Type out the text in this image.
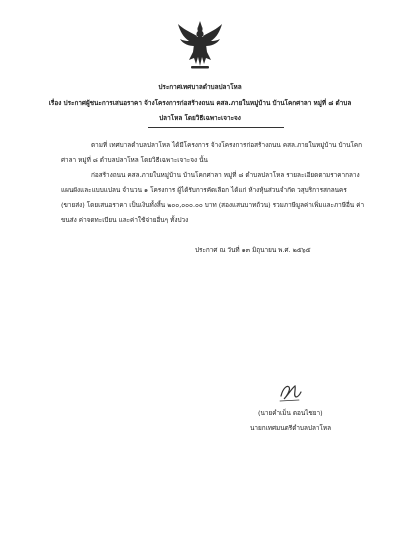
ประกาศเทศบาลตำบลปลาโหล
เรื่อง ประกาศผู้ชนะการเสนอราคา จ้างโครงการก่อสร้างถนน คสล.ภายในหมู่บ้าน บ้านโคกศาลา หมู่ที่ ๘ ตำบล
ปลาโหล โดยวิธีเฉพาะเจาะจง
ตามที่ เทศบาลตำบลปลาโหล ได้มีโครงการ จ้างโครงการก่อสร้างถนน คสล.ภายในหมู่บ้าน บ้านโคก
ศาลา หมู่ที่ ๘ ตำบลปลาโหล โดยวิธีเฉพาะเจาะจง นั้น
ก่อสร้างถนน คสล.ภายในหมู่บ้าน บ้านโคกศาลา หมู่ที่ ๘ ตำบลปลาโหล รายละเอียดตามราคากลาง
แผนผังและแบบแปลน จำนวน ๑ โครงการ ผู้ได้รับการคัดเลือก ได้แก่ ห้างหุ้นส่วนจำกัด วสุบริการสกลนคร
(ขายส่ง) โดยเสนอราคา เป็นเงินทั้งสิ้น ๒๐๐,๐๐๐.๐๐ บาท (สองแสนบาทถ้วน) รวมภาษีมูลค่าเพิ่มและภาษีอื่น ค่า
ขนส่ง ค่าจดทะเบียน และค่าใช้จ่ายอื่นๆ ทั้งปวง
ประกาศ ณ วันที่ ๑๓ มิถุนายน พ.ศ. ๒๕๖๕
(นายคำเม็น ดอนไชยา)
นายกเทศมนตรีตำบลปลาโหล
